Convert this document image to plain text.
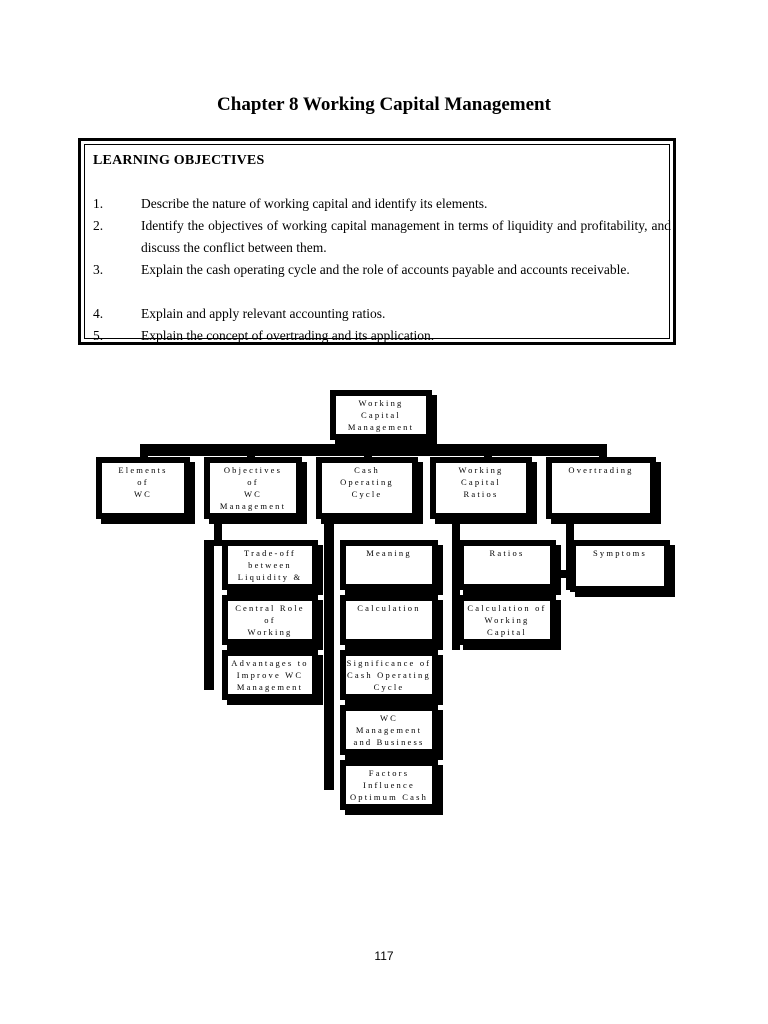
Chapter 8 Working Capital Management
LEARNING OBJECTIVES
1.	Describe the nature of working capital and identify its elements.
2.	Identify the objectives of working capital management in terms of liquidity and profitability, and discuss the conflict between them.
3.	Explain the cash operating cycle and the role of accounts payable and accounts receivable.
4.	Explain and apply relevant accounting ratios.
5.	Explain the concept of overtrading and its application.
Working
Capital
Management
Elements
of
WC
Objectives
of
WC
Management
Cash
Operating
Cycle
Working
Capital
Ratios
Overtrading
Trade-off between
Liquidity &
Profitability
Central Role of
Working Capital

Advantages to
Improve WC
Management
Meaning
Calculation
Significance of
Cash Operating
Cycle
WC Management
and Business
Solvency
Factors Influence
Optimum Cash
Level
Ratios
Calculation of
Working Capital
Requirement
Symptoms
117
